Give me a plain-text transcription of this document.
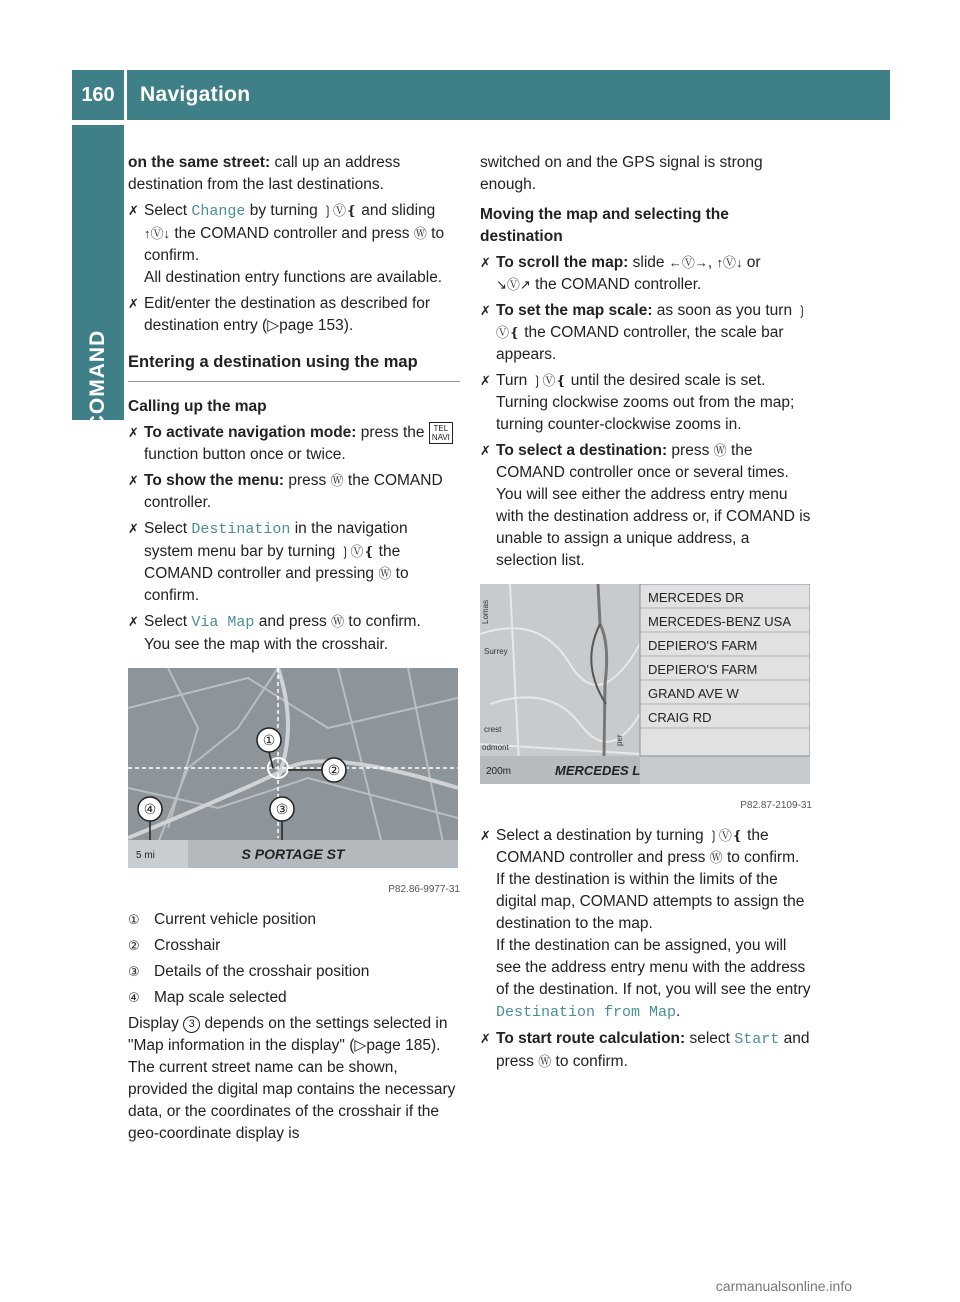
160	Navigation
COMAND

on the same street: call up an address destination from the last destinations.

✗ Select Change by turning ❳Ⓥ❴ and sliding ↑Ⓥ↓ the COMAND controller and press Ⓦ to confirm.
All destination entry functions are available.
✗ Edit/enter the destination as described for destination entry (▷page 153).
Entering a destination using the map
Calling up the map
✗ To activate navigation mode: press the TEL
NAVI function button once or twice.
✗ To show the menu: press Ⓦ the COMAND controller.
✗ Select Destination in the navigation system menu bar by turning ❳Ⓥ❴ the COMAND controller and pressing Ⓦ to confirm.
✗ Select Via Map and press Ⓦ to confirm.
You see the map with the crosshair.
①
②
③
④
5 mi	S PORTAGE ST
P82.86-9977-31
① Current vehicle position
② Crosshair
③ Details of the crosshair position
④ Map scale selected

Display 3 depends on the settings selected in "Map information in the display" (▷page 185). The current street name can be shown, provided the digital map contains the necessary data, or the coordinates of the crosshair if the geo-coordinate display is

switched on and the GPS signal is strong enough.

Moving the map and selecting the destination
✗ To scroll the map: slide ←Ⓥ→, ↑Ⓥ↓ or
↘Ⓥ↗ the COMAND controller.
✗ To set the map scale: as soon as you turn ❳Ⓥ❴ the COMAND controller, the scale bar appears.
✗ Turn ❳Ⓥ❴ until the desired scale is set.
Turning clockwise zooms out from the map; turning counter-clockwise zooms in.
✗ To select a destination: press Ⓦ the COMAND controller once or several times. You will see either the address entry menu with the destination address or, if COMAND is unable to assign a unique address, a selection list.
Surrey
Lomas
crest
odmont
per
MERCEDES DR
MERCEDES-BENZ USA
DEPIERO'S FARM
DEPIERO'S FARM
GRAND AVE W
CRAIG RD
200m	MERCEDES L
P82.87-2109-31
✗ Select a destination by turning ❳Ⓥ❴ the COMAND controller and press Ⓦ to confirm.
If the destination is within the limits of the digital map, COMAND attempts to assign the destination to the map.
If the destination can be assigned, you will see the address entry menu with the address of the destination. If not, you will see the entry Destination from Map.
✗ To start route calculation: select Start and press Ⓦ to confirm.
carmanualsonline.info
